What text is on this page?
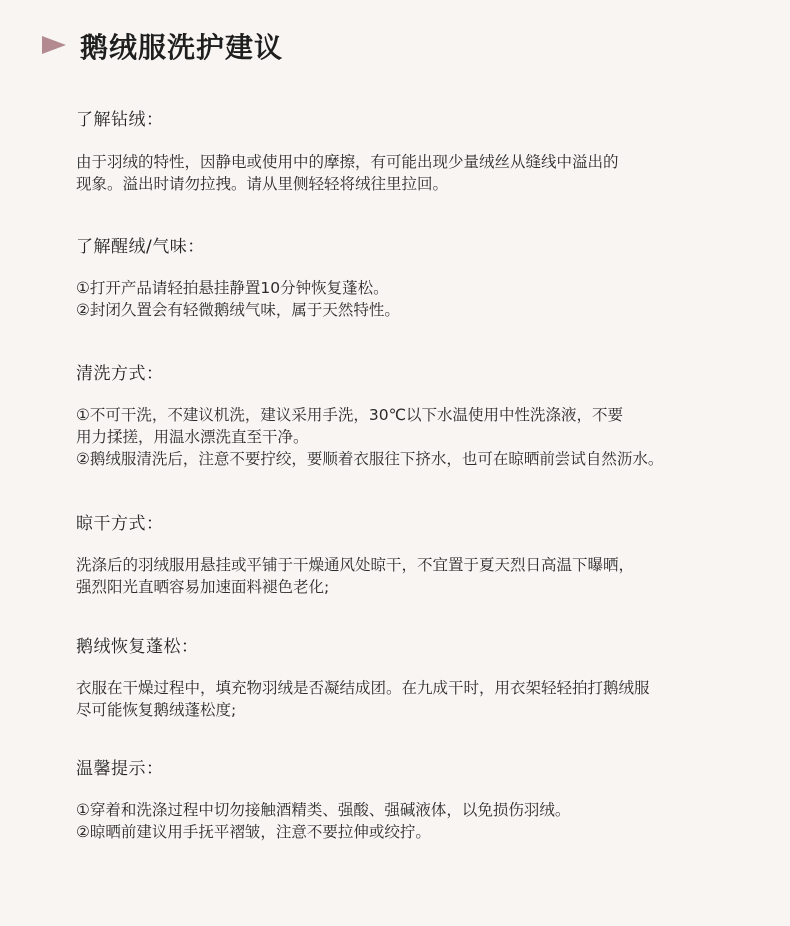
鹅绒服洗护建议
了解钻绒：
由于羽绒的特性，因静电或使用中的摩擦，有可能出现少量绒丝从缝线中溢出的
现象。溢出时请勿拉拽。请从里侧轻轻将绒往里拉回。
了解醒绒/气味：
①打开产品请轻拍悬挂静置10分钟恢复蓬松。
②封闭久置会有轻微鹅绒气味，属于天然特性。
清洗方式：
①不可干洗，不建议机洗，建议采用手洗，30℃以下水温使用中性洗涤液，不要
用力揉搓，用温水漂洗直至干净。
②鹅绒服清洗后，注意不要拧绞，要顺着衣服往下挤水，也可在晾晒前尝试自然沥水。
晾干方式：
洗涤后的羽绒服用悬挂或平铺于干燥通风处晾干，不宜置于夏天烈日高温下曝晒，
强烈阳光直晒容易加速面料褪色老化;
鹅绒恢复蓬松：
衣服在干燥过程中，填充物羽绒是否凝结成团。在九成干时，用衣架轻轻拍打鹅绒服
尽可能恢复鹅绒蓬松度;
温馨提示：
①穿着和洗涤过程中切勿接触酒精类、强酸、强碱液体，以免损伤羽绒。
②晾晒前建议用手抚平褶皱，注意不要拉伸或绞拧。
